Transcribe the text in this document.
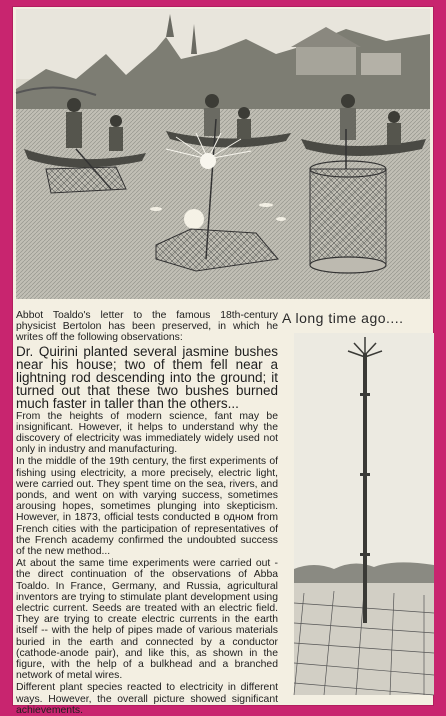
A long time ago....

Abbot Toaldo's letter to the famous 18th-century physicist Bertolon has been preserved, in which he writes off the following observations:

Dr. Quirini planted several jasmine bushes near his house; two of them fell near a lightning rod descending into the ground; it turned out that these two bushes burned much faster in taller than the others...

From the heights of modern science, fant may be insignificant. However, it helps to understand why the discovery of electricity was immediately widely used not only in industry and manufacturing.

In the middle of the 19th century, the first experiments of fishing using electricity, a more precisely, electric light, were carried out. They spent time on the sea, rivers, and ponds, and went on with varying success, sometimes arousing hopes, sometimes plunging into skepticism. However, in 1873, official tests conducted в одном from French cities with the participation of representatives of the French academy confirmed the undoubted success of the new method...

At about the same time experiments were carried out -the direct continuation of the observations of Abba Toaldo. In France, Germany, and Russia, agricultural inventors are trying to stimulate plant development using electric current. Seeds are treated with an electric field. They are trying to create electric currents in the earth itself -- with the help of pipes made of various materials buried in the earth and connected by a conductor (cathode-anode pair), and like this, as shown in the figure, with the help of a bulkhead and a branched network of metal wires.

Different plant species reacted to electricity in different ways. However, the overall picture showed significant achievements.
